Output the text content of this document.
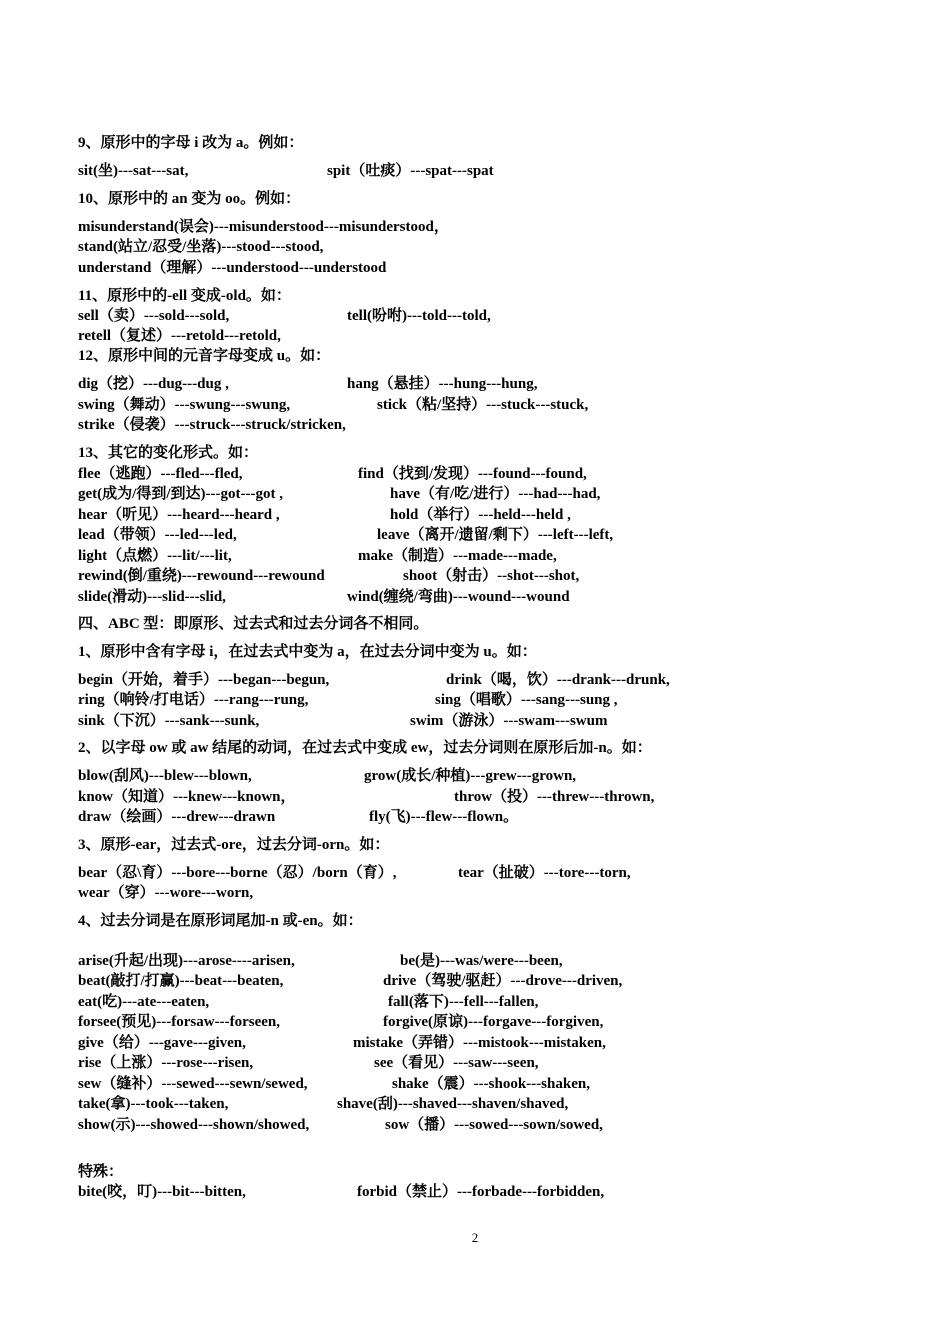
9、原形中的字母 i 改为 a。例如：
sit(坐)---sat---sat,	spit（吐痰）---spat---spat
10、原形中的 an 变为 oo。例如：
misunderstand(误会)---misunderstood---misunderstood，
stand(站立/忍受/坐落)---stood---stood,
understand（理解）---understood---understood
11、原形中的-ell 变成-old。如：
sell（卖）---sold---sold,	tell(吩咐)---told---told,
retell（复述）---retold---retold,
12、原形中间的元音字母变成 u。如：
dig（挖）---dug---dug ,	hang（悬挂）---hung---hung,
swing（舞动）---swung---swung,	stick（粘/坚持）---stuck---stuck,
strike（侵袭）---struck---struck/stricken,
13、其它的变化形式。如：
flee（逃跑）---fled---fled,	find（找到/发现）---found---found,
get(成为/得到/到达)---got---got ,	have（有/吃/进行）---had---had,
hear（听见）---heard---heard ,	hold（举行）---held---held ,
lead（带领）---led---led,	leave（离开/遗留/剩下）---left---left,
light（点燃）---lit/---lit,	make（制造）---made---made,
rewind(倒/重绕)---rewound---rewound	shoot（射击）--shot---shot,
slide(滑动)---slid---slid,	wind(缠绕/弯曲)---wound---wound
四、ABC 型：即原形、过去式和过去分词各不相同。
1、原形中含有字母 i，在过去式中变为 a，在过去分词中变为 u。如：
begin（开始，着手）---began---begun,	drink（喝，饮）---drank---drunk,
ring（响铃/打电话）---rang---rung,	sing（唱歌）---sang---sung ,
sink（下沉）---sank---sunk,	swim（游泳）---swam---swum
2、以字母 ow 或 aw 结尾的动词，在过去式中变成 ew，过去分词则在原形后加-n。如：
blow(刮风)---blew---blown,	grow(成长/种植)---grew---grown,
know（知道）---knew---known，	throw（投）---threw---thrown,
draw（绘画）---drew---drawn	fly(飞)---flew---flown。
3、原形-ear，过去式-ore，过去分词-orn。如：
bear（忍\育）---bore---borne（忍）/born（育）,	tear（扯破）---tore---torn,
wear（穿）---wore---worn,
4、过去分词是在原形词尾加-n 或-en。如：
arise(升起/出现)---arose----arisen,	be(是)---was/were---been,
beat(敲打/打赢)---beat---beaten,	drive（驾驶/驱赶）---drove---driven,
eat(吃)---ate---eaten,	fall(落下)---fell---fallen,
forsee(预见)---forsaw---forseen,	forgive(原谅)---forgave---forgiven,
give（给）---gave---given,	mistake（弄错）---mistook---mistaken,
rise（上涨）---rose---risen,	see（看见）---saw---seen,
sew（缝补）---sewed---sewn/sewed,	shake（震）---shook---shaken,
take(拿)---took---taken,	shave(刮)---shaved---shaven/shaved,
show(示)---showed---shown/showed,	sow（播）---sowed---sown/sowed,
特殊：
bite(咬，叮)---bit---bitten,	forbid（禁止）---forbade---forbidden,
2
